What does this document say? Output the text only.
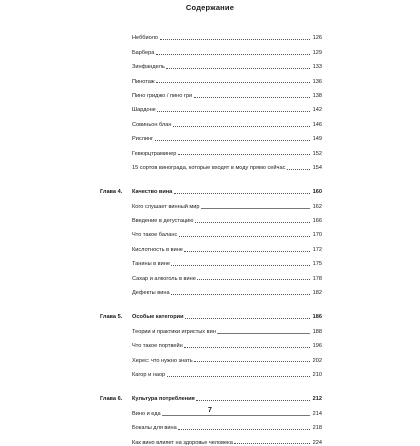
Содержание
Неббиоло	126
Барбера	129
Зинфандель	133
Пинотаж	136
Пино гриджо / пино гри	138
Шардоне	142
Совиньон блан	146
Рислинг	149
Гевюрцтраминер	152
15 сортов винограда, которые входят в моду прямо сейчас	154
Глава 4.	Качество вина	160
Кого слушает винный мир	162
Введение в дегустацию	166
Что такое баланс	170
Кислотность в вине	172
Танины в вине	175
Сахар и алкоголь в вине	178
Дефекты вина	182
Глава 5.	Особые категории	186
Теории и практики игристых вин	188
Что такое портвейн	196
Херес: что нужно знать	202
Кагор и нaор	210
Глава 6.	Культура потребления	212
Вино и еда	214
Бокалы для вина	218
Как вино влияет на здоровье человека	224
7
